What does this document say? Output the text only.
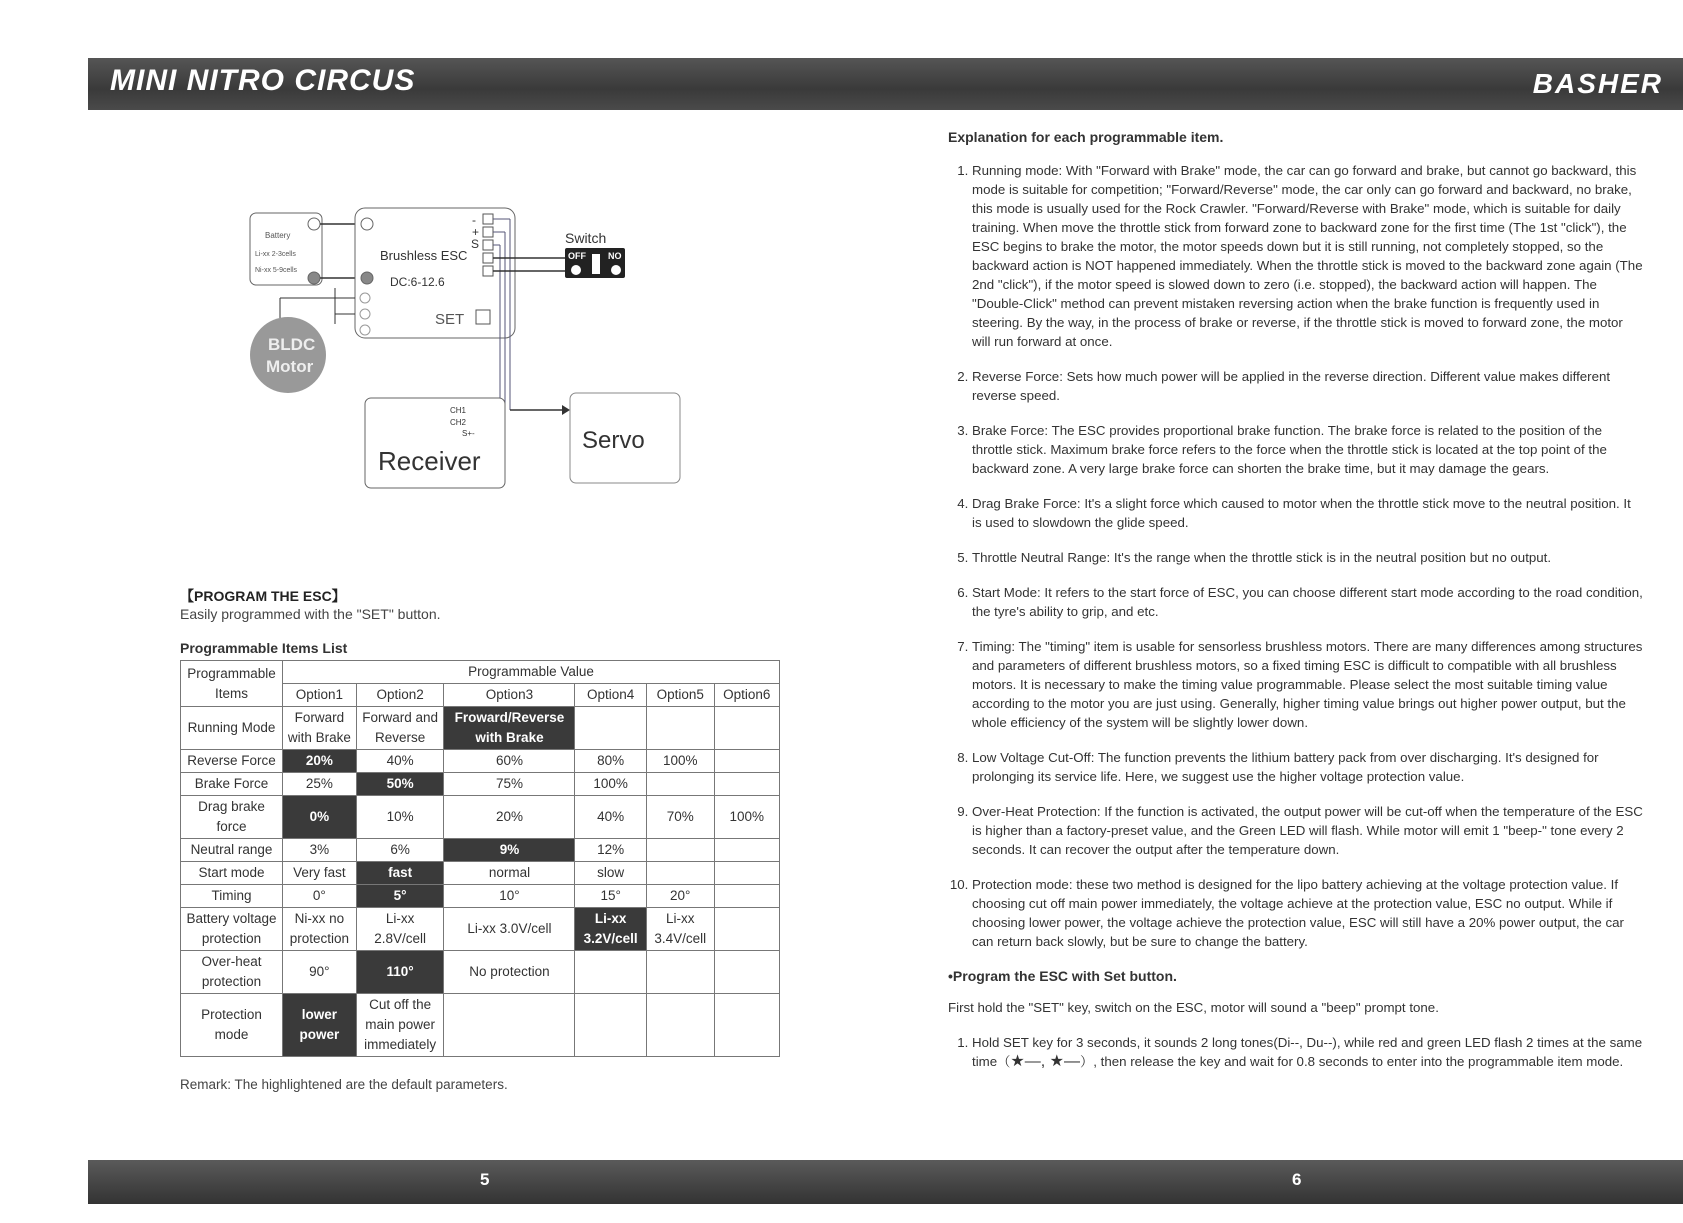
MINI NITRO CIRCUS	BASHER
Battery
Li-xx 2-3cells
Ni-xx 5-9cells
Brushless ESC
DC:6-12.6
SET
-
+
S	Switch
OFF NO
BLDC
Motor
CH1
CH2
S+-
Receiver
Servo
【PROGRAM THE ESC】
Easily programmed with the "SET" button.
Programmable Items List
Programmable Items	Programmable Value					
	Option1	Option2	Option3	Option4	Option5	Option6
Running Mode	Forward with Brake	Forward and Reverse	Froward/Reverse with Brake			
Reverse Force	20%	40%	60%	80%	100%	
Brake Force	25%	50%	75%	100%		
Drag brake force	0%	10%	20%	40%	70%	100%
Neutral range	3%	6%	9%	12%		
Start mode	Very fast	fast	normal	slow		
Timing	0°	5°	10°	15°	20°	
Battery voltage protection	Ni-xx no protection	Li-xx 2.8V/cell	Li-xx 3.0V/cell	Li-xx 3.2V/cell	Li-xx 3.4V/cell	
Over-heat protection	90°	110°	No protection			
Protection mode	lower power	Cut off the main power immediately				
Remark: The highlightened are the default parameters.
Explanation for each programmable item.
1. Running mode: With "Forward with Brake" mode, the car can go forward and brake, but cannot go backward, this mode is suitable for competition; "Forward/Reverse" mode, the car only can go forward and backward, no brake, this mode is usually used for the Rock Crawler. "Forward/Reverse with Brake" mode, which is suitable for daily training. When move the throttle stick from forward zone to backward zone for the first time (The 1st "click"), the ESC begins to brake the motor, the motor speeds down but it is still running, not completely stopped, so the backward action is NOT happened immediately. When the throttle stick is moved to the backward zone again (The 2nd "click"), if the motor speed is slowed down to zero (i.e. stopped), the backward action will happen. The "Double-Click" method can prevent mistaken reversing action when the brake function is frequently used in steering. By the way, in the process of brake or reverse, if the throttle stick is moved to forward zone, the motor will run forward at once.
2. Reverse Force: Sets how much power will be applied in the reverse direction. Different value makes different reverse speed.
3. Brake Force: The ESC provides proportional brake function. The brake force is related to the position of the throttle stick. Maximum brake force refers to the force when the throttle stick is located at the top point of the backward zone. A very large brake force can shorten the brake time, but it may damage the gears.
4. Drag Brake Force: It's a slight force which caused to motor when the throttle stick move to the neutral position. It is used to slowdown the glide speed.
5. Throttle Neutral Range: It's the range when the throttle stick is in the neutral position but no output.
6. Start Mode: It refers to the start force of ESC, you can choose different start mode according to the road condition, the tyre's ability to grip, and etc.
7. Timing: The "timing" item is usable for sensorless brushless motors. There are many differences among structures and parameters of different brushless motors, so a fixed timing ESC is difficult to compatible with all brushless motors. It is necessary to make the timing value programmable. Please select the most suitable timing value according to the motor you are just using. Generally, higher timing value brings out higher power output, but the whole efficiency of the system will be slightly lower down.
8. Low Voltage Cut-Off: The function prevents the lithium battery pack from over discharging. It's designed for prolonging its service life. Here, we suggest use the higher voltage protection value.
9. Over-Heat Protection: If the function is activated, the output power will be cut-off when the temperature of the ESC is higher than a factory-preset value, and the Green LED will flash. While motor will emit 1 "beep-" tone every 2 seconds. It can recover the output after the temperature down.
10. Protection mode: these two method is designed for the lipo battery achieving at the voltage protection value. If choosing cut off main power immediately, the voltage achieve at the protection value, ESC no output. While if choosing lower power, the voltage achieve the protection value, ESC will still have a 20% power output, the car can return back slowly, but be sure to change the battery.
•Program the ESC with Set button.
First hold the "SET" key, switch on the ESC, motor will sound a "beep" prompt tone.
1. Hold SET key for 3 seconds, it sounds 2 long tones(Di--, Du--), while red and green LED flash 2 times at the same time（★—, ★—）, then release the key and wait for 0.8 seconds to enter into the programmable item mode.
5	6
